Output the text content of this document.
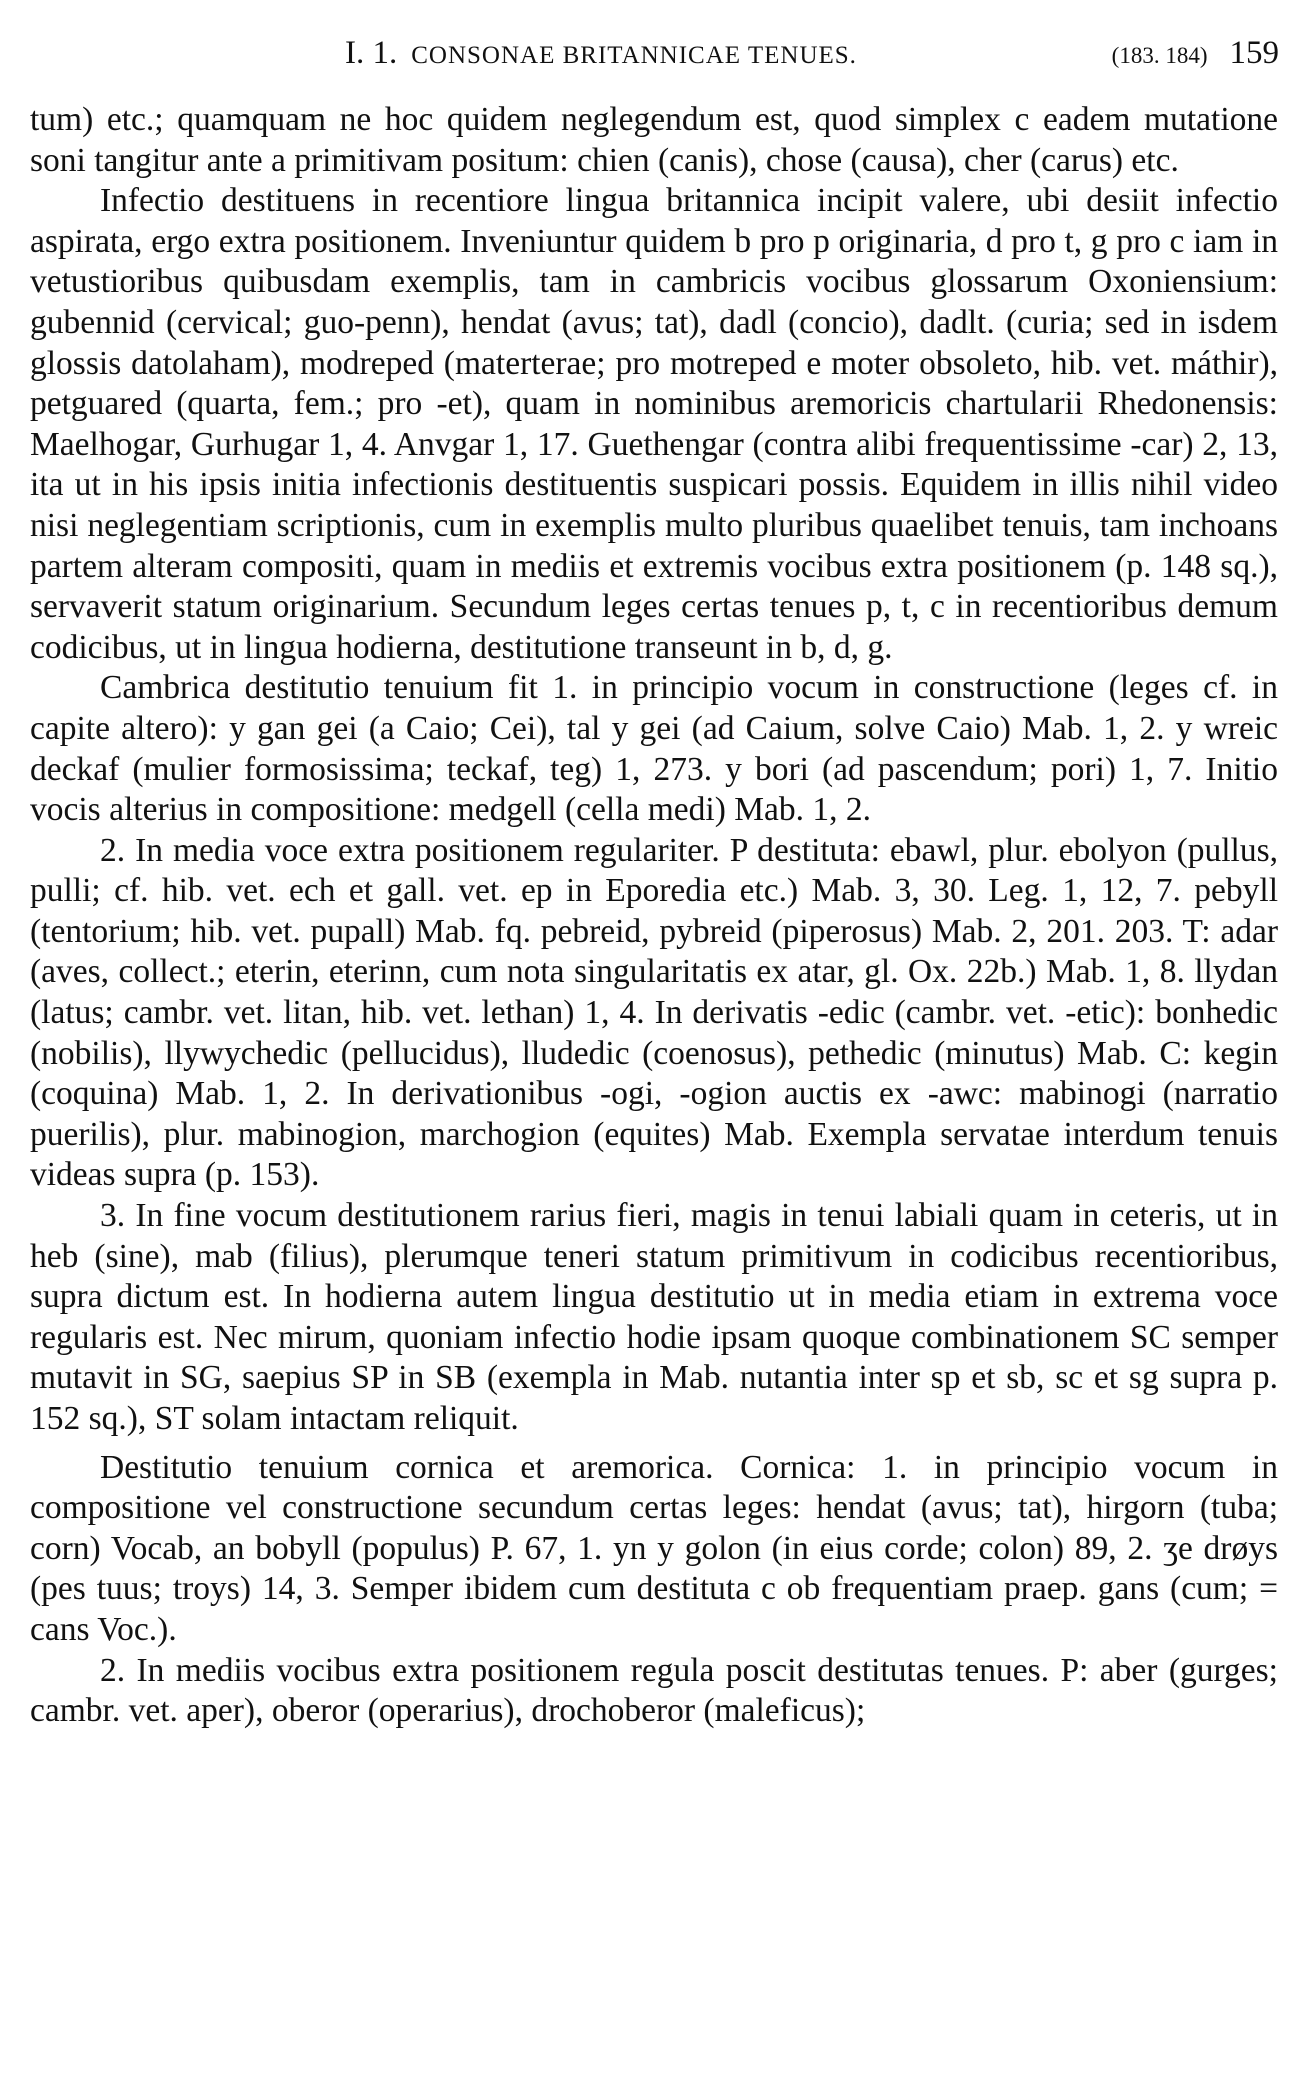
I. 1. CONSONAE BRITANNICAE TENUES.	(183. 184) 159

tum) etc.; quamquam ne hoc quidem neglegendum est, quod simplex c eadem mutatione soni tangitur ante a primitivam positum: chien (canis), chose (causa), cher (carus) etc.

Infectio destituens in recentiore lingua britannica incipit valere, ubi desiit infectio aspirata, ergo extra positionem. Inveniuntur quidem b pro p originaria, d pro t, g pro c iam in vetustioribus quibusdam exemplis, tam in cambricis vocibus glossarum Oxoniensium: gubennid (cervical; guo-penn), hendat (avus; tat), dadl (concio), dadlt. (curia; sed in isdem glossis datolaham), modreped (materterae; pro motreped e moter obsoleto, hib. vet. máthir), petguared (quarta, fem.; pro -et), quam in nominibus aremoricis chartularii Rhedonensis: Maelhogar, Gurhugar 1, 4. Anvgar 1, 17. Guethengar (contra alibi frequentissime -car) 2, 13, ita ut in his ipsis initia infectionis destituentis suspicari possis. Equidem in illis nihil video nisi neglegentiam scriptionis, cum in exemplis multo pluribus quaelibet tenuis, tam inchoans partem alteram compositi, quam in mediis et extremis vocibus extra positionem (p. 148 sq.), servaverit statum originarium. Secundum leges certas tenues p, t, c in recentioribus demum codicibus, ut in lingua hodierna, destitutione transeunt in b, d, g.

Cambrica destitutio tenuium fit 1. in principio vocum in constructione (leges cf. in capite altero): y gan gei (a Caio; Cei), tal y gei (ad Caium, solve Caio) Mab. 1, 2. y wreic deckaf (mulier formosissima; teckaf, teg) 1, 273. y bori (ad pascendum; pori) 1, 7. Initio vocis alterius in compositione: medgell (cella medi) Mab. 1, 2.

2. In media voce extra positionem regulariter. P destituta: ebawl, plur. ebolyon (pullus, pulli; cf. hib. vet. ech et gall. vet. ep in Eporedia etc.) Mab. 3, 30. Leg. 1, 12, 7. pebyll (tentorium; hib. vet. pupall) Mab. fq. pebreid, pybreid (piperosus) Mab. 2, 201. 203. T: adar (aves, collect.; eterin, eterinn, cum nota singularitatis ex atar, gl. Ox. 22b.) Mab. 1, 8. llydan (latus; cambr. vet. litan, hib. vet. lethan) 1, 4. In derivatis -edic (cambr. vet. -etic): bonhedic (nobilis), llywychedic (pellucidus), lludedic (coenosus), pethedic (minutus) Mab. C: kegin (coquina) Mab. 1, 2. In derivationibus -ogi, -ogion auctis ex -awc: mabinogi (narratio puerilis), plur. mabinogion, marchogion (equites) Mab. Exempla servatae interdum tenuis videas supra (p. 153).

3. In fine vocum destitutionem rarius fieri, magis in tenui labiali quam in ceteris, ut in heb (sine), mab (filius), plerumque teneri statum primitivum in codicibus recentioribus, supra dictum est. In hodierna autem lingua destitutio ut in media etiam in extrema voce regularis est. Nec mirum, quoniam infectio hodie ipsam quoque combinationem SC semper mutavit in SG, saepius SP in SB (exempla in Mab. nutantia inter sp et sb, sc et sg supra p. 152 sq.), ST solam intactam reliquit.

Destitutio tenuium cornica et aremorica. Cornica: 1. in principio vocum in compositione vel constructione secundum certas leges: hendat (avus; tat), hirgorn (tuba; corn) Vocab, an bobyll (populus) P. 67, 1. yn y golon (in eius corde; colon) 89, 2. ʒe drøys (pes tuus; troys) 14, 3. Semper ibidem cum destituta c ob frequentiam praep. gans (cum; = cans Voc.).

2. In mediis vocibus extra positionem regula poscit destitutas tenues. P: aber (gurges; cambr. vet. aper), oberor (operarius), drochoberor (maleficus);
